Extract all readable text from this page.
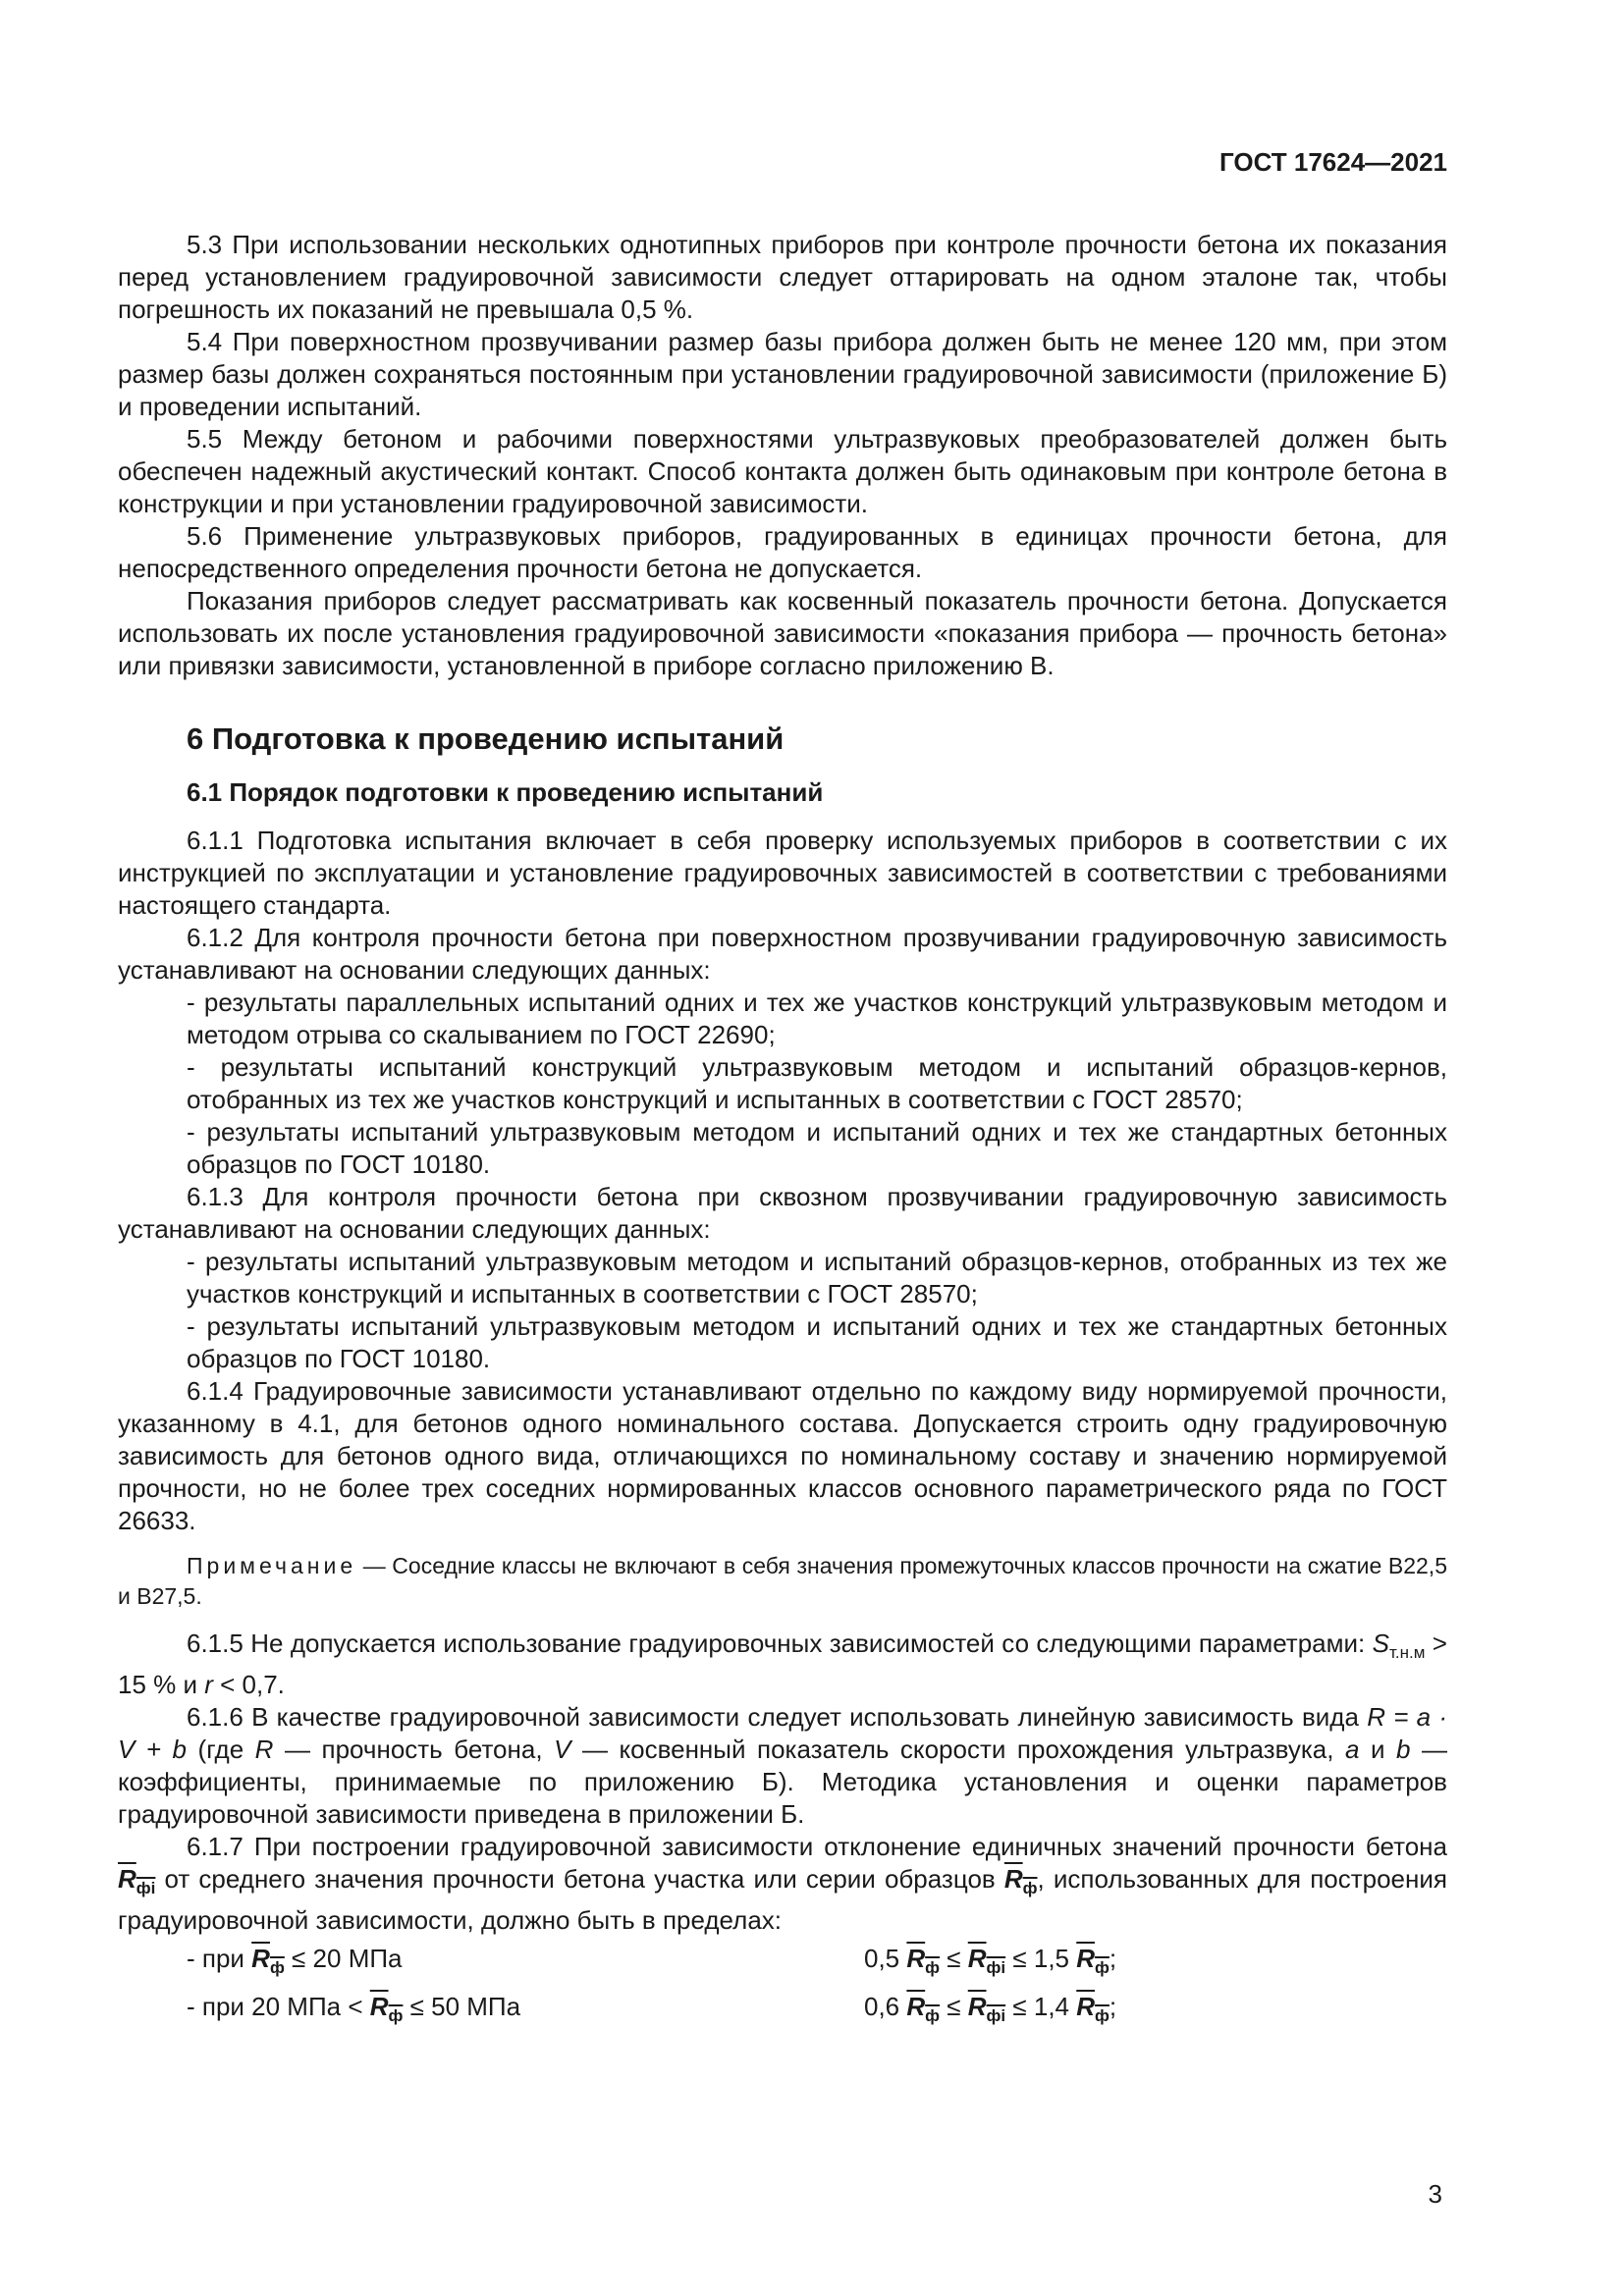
ГОСТ 17624—2021

5.3 При использовании нескольких однотипных приборов при контроле прочности бетона их показания перед установлением градуировочной зависимости следует оттарировать на одном эталоне так, чтобы погрешность их показаний не превышала 0,5 %.

5.4 При поверхностном прозвучивании размер базы прибора должен быть не менее 120 мм, при этом размер базы должен сохраняться постоянным при установлении градуировочной зависимости (приложение Б) и проведении испытаний.

5.5 Между бетоном и рабочими поверхностями ультразвуковых преобразователей должен быть обеспечен надежный акустический контакт. Способ контакта должен быть одинаковым при контроле бетона в конструкции и при установлении градуировочной зависимости.

5.6 Применение ультразвуковых приборов, градуированных в единицах прочности бетона, для непосредственного определения прочности бетона не допускается.

Показания приборов следует рассматривать как косвенный показатель прочности бетона. Допускается использовать их после установления градуировочной зависимости «показания прибора — прочность бетона» или привязки зависимости, установленной в приборе согласно приложению В.

6 Подготовка к проведению испытаний
6.1 Порядок подготовки к проведению испытаний

6.1.1 Подготовка испытания включает в себя проверку используемых приборов в соответствии с их инструкцией по эксплуатации и установление градуировочных зависимостей в соответствии с требованиями настоящего стандарта.

6.1.2 Для контроля прочности бетона при поверхностном прозвучивании градуировочную зависимость устанавливают на основании следующих данных:

- результаты параллельных испытаний одних и тех же участков конструкций ультразвуковым методом и методом отрыва со скалыванием по ГОСТ 22690;

- результаты испытаний конструкций ультразвуковым методом и испытаний образцов-кернов, отобранных из тех же участков конструкций и испытанных в соответствии с ГОСТ 28570;

- результаты испытаний ультразвуковым методом и испытаний одних и тех же стандартных бетонных образцов по ГОСТ 10180.

6.1.3 Для контроля прочности бетона при сквозном прозвучивании градуировочную зависимость устанавливают на основании следующих данных:

- результаты испытаний ультразвуковым методом и испытаний образцов-кернов, отобранных из тех же участков конструкций и испытанных в соответствии с ГОСТ 28570;

- результаты испытаний ультразвуковым методом и испытаний одних и тех же стандартных бетонных образцов по ГОСТ 10180.

6.1.4 Градуировочные зависимости устанавливают отдельно по каждому виду нормируемой прочности, указанному в 4.1, для бетонов одного номинального состава. Допускается строить одну градуировочную зависимость для бетонов одного вида, отличающихся по номинальному составу и значению нормируемой прочности, но не более трех соседних нормированных классов основного параметрического ряда по ГОСТ 26633.

Примечание — Соседние классы не включают в себя значения промежуточных классов прочности на сжатие В22,5 и В27,5.

6.1.5 Не допускается использование градуировочных зависимостей со следующими параметрами: $S_{т.н.м} > 15$ % и r < 0,7.

6.1.6 В качестве градуировочной зависимости следует использовать линейную зависимость вида R = a · V + b (где R — прочность бетона, V — косвенный показатель скорости прохождения ультразвука, a и b — коэффициенты, принимаемые по приложению Б). Методика установления и оценки параметров градуировочной зависимости приведена в приложении Б.

6.1.7 При построении градуировочной зависимости отклонение единичных значений прочности бетона $R_{фi}$ от среднего значения прочности бетона участка или серии образцов $R_ф$, использованных для построения градуировочной зависимости, должно быть в пределах:

- при $R_ф \le 20$ МПа	0,5 $R_ф \le R_{фi} \le 1,5$ $R_ф$;
- при 20 МПа < $R_ф \le 50$ МПа	0,6 $R_ф \le R_{фi} \le 1,4$ $R_ф$;
3
